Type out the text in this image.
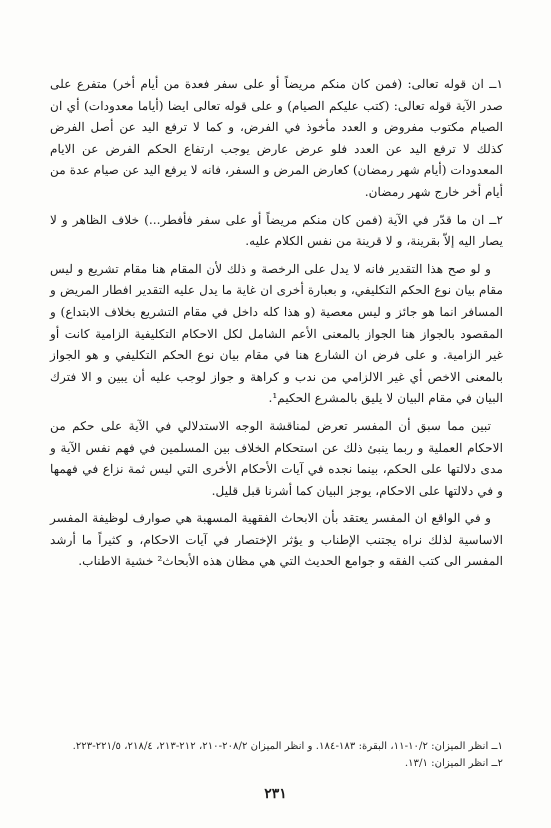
١ــ ان قوله تعالى: (فمن كان منكم مريضاً أو على سفر فعدة من أيام أخر) متفرع على صدر الآية قوله تعالى: (كتب عليكم الصيام) و على قوله تعالى ايضا (أياما معدودات) أي ان الصيام مكتوب مفروض و العدد مأخوذ في الفرض، و كما لا ترفع اليد عن أصل الفرض كذلك لا ترفع اليد عن العدد فلو عرض عارض يوجب ارتفاع الحكم الفرض عن الايام المعدودات (أيام شهر رمضان) كعارض المرض و السفر، فانه لا يرفع اليد عن صيام عدة من أيام أخر خارج شهر رمضان.

٢ــ ان ما قدّر في الآية (فمن كان منكم مريضاً أو على سفر فأفطر...) خلاف الظاهر و لا يصار اليه إلاّ بقرينة، و لا قرينة من نفس الكلام عليه.

و لو صح هذا التقدير فانه لا يدل على الرخصة و ذلك لأن المقام هنا مقام تشريع و ليس مقام بيان نوع الحكم التكليفي، و بعبارة أخرى ان غاية ما يدل عليه التقدير افطار المريض و المسافر انما هو جائز و ليس معصية (و هذا كله داخل في مقام التشريع بخلاف الابتداع) و المقصود بالجواز هنا الجواز بالمعنى الأعم الشامل لكل الاحكام التكليفية الزامية كانت أو غير الزامية. و على فرض ان الشارع هنا في مقام بيان نوع الحكم التكليفي و هو الجواز بالمعنى الاخص أي غير الالزامي من ندب و كراهة و جواز لوجب عليه أن يبين و الا فترك البيان في مقام البيان لا يليق بالمشرع الحكيم¹.

تبين مما سبق أن المفسر تعرض لمناقشة الوجه الاستدلالي في الآية على حكم من الاحكام العملية و ربما ينبئ ذلك عن استحكام الخلاف بين المسلمين في فهم نفس الآية و مدى دلالتها على الحكم، بينما نجده في آيات الأحكام الأخرى التي ليس ثمة نزاع في فهمها و في دلالتها على الاحكام، يوجز البيان كما أشرنا قبل قليل.

و في الواقع ان المفسر يعتقد بأن الابحاث الفقهية المسهبة هي صوارف لوظيفة المفسر الاساسية لذلك نراه يجتنب الإطناب و يؤثر الإختصار في آيات الاحكام، و كثيراً ما أرشد المفسر الى كتب الفقه و جوامع الحديث التي هي مظان هذه الأبحاث² خشية الاطناب.

١ــ انظر الميزان: ١٠/٢-١١، البقرة: ١٨٣-١٨٤. و انظر الميزان ٢٠٨/٢-٢١٠، ٢١٢-٢١٣، ٢١٨/٤، ٢٢١/٥-٢٢٣.

٢ــ انظر الميزان: ١٣/١.

٢٣١
